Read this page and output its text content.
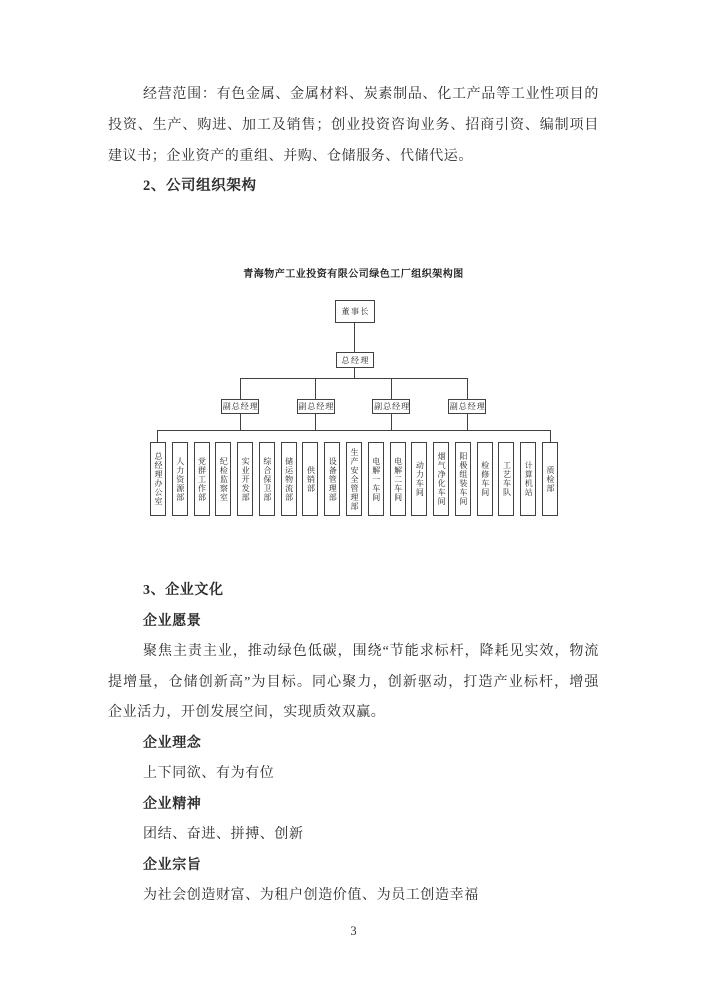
经营范围：有色金属、金属材料、炭素制品、化工产品等工业性项目的
投资、生产、购进、加工及销售；创业投资咨询业务、招商引资、编制项目
建议书；企业资产的重组、并购、仓储服务、代储代运。
2、公司组织架构
青海物产工业投资有限公司绿色工厂组织架构图
董事长
总经理
副总经理	副总经理	副总经理	副总经理
总经理办公室 人力资源部 党群工作部 纪检监察室 实业开发部 综合保卫部 储运物流部 供销部 设备管理部 生产安全管理部 电解一车间 电解二车间 动力车间 烟气净化车间 阳极组装车间 检修车间 工艺车队 计算机站 质检部
3、企业文化
企业愿景
聚焦主责主业，推动绿色低碳，围绕“节能求标杆，降耗见实效，物流
提增量，仓储创新高”为目标。同心聚力，创新驱动，打造产业标杆，增强
企业活力，开创发展空间，实现质效双赢。
企业理念
上下同欲、有为有位
企业精神
团结、奋进、拼搏、创新
企业宗旨
为社会创造财富、为租户创造价值、为员工创造幸福
3
